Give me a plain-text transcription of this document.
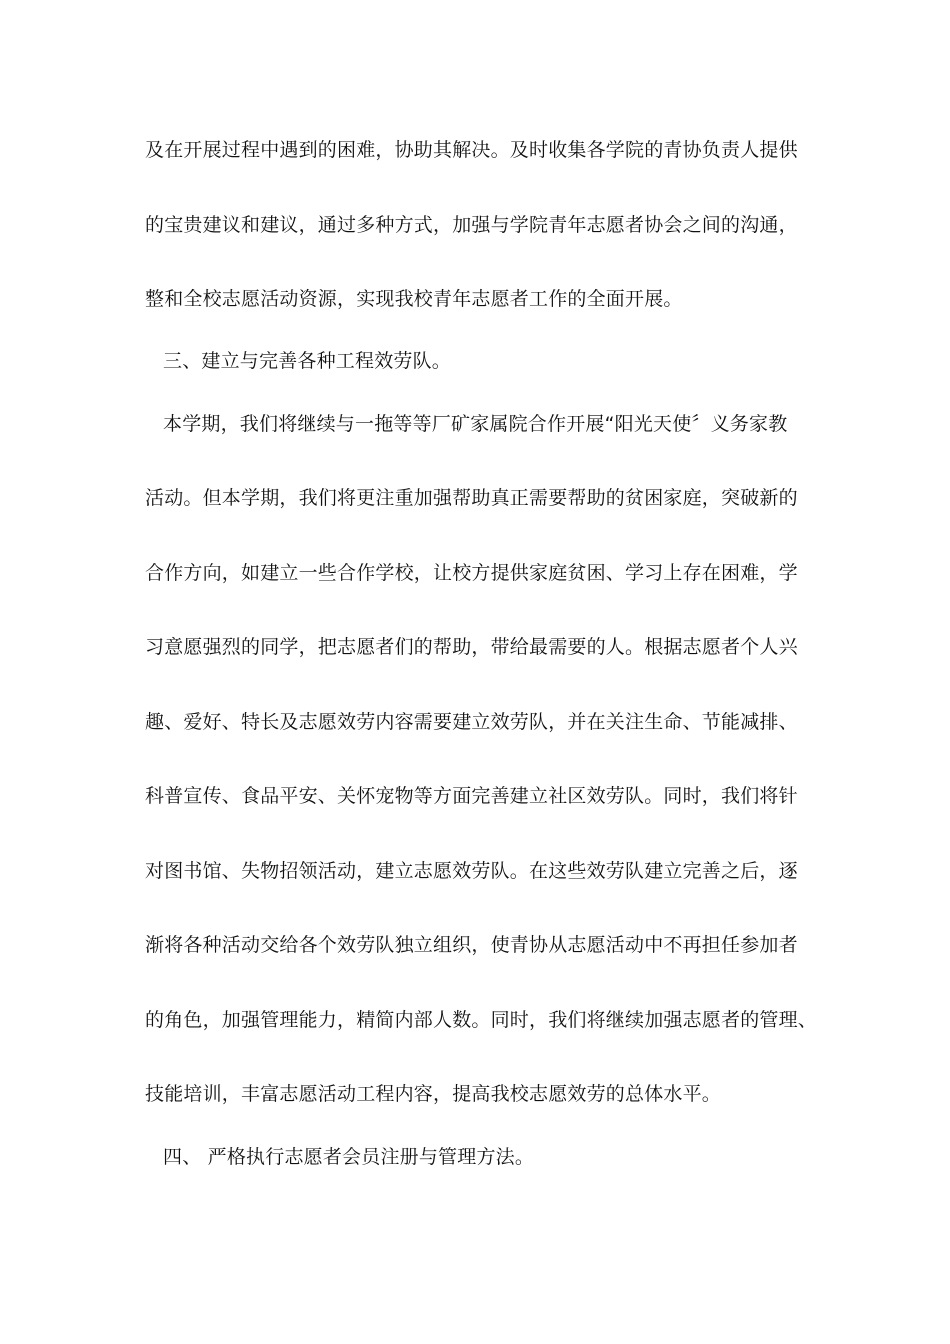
及在开展过程中遇到的困难，协助其解决。及时收集各学院的青协负责人提供
的宝贵建议和建议，通过多种方式，加强与学院青年志愿者协会之间的沟通，
整和全校志愿活动资源，实现我校青年志愿者工作的全面开展。
三、建立与完善各种工程效劳队。
本学期，我们将继续与一拖等等厂矿家属院合作开展“阳光天使〞义务家教
活动。但本学期，我们将更注重加强帮助真正需要帮助的贫困家庭，突破新的
合作方向，如建立一些合作学校，让校方提供家庭贫困、学习上存在困难，学
习意愿强烈的同学，把志愿者们的帮助，带给最需要的人。根据志愿者个人兴
趣、爱好、特长及志愿效劳内容需要建立效劳队，并在关注生命、节能减排、
科普宣传、食品平安、关怀宠物等方面完善建立社区效劳队。同时，我们将针
对图书馆、失物招领活动，建立志愿效劳队。在这些效劳队建立完善之后，逐
渐将各种活动交给各个效劳队独立组织，使青协从志愿活动中不再担任参加者
的角色，加强管理能力，精简内部人数。同时，我们将继续加强志愿者的管理、
技能培训，丰富志愿活动工程内容，提高我校志愿效劳的总体水平。
四、 严格执行志愿者会员注册与管理方法。
